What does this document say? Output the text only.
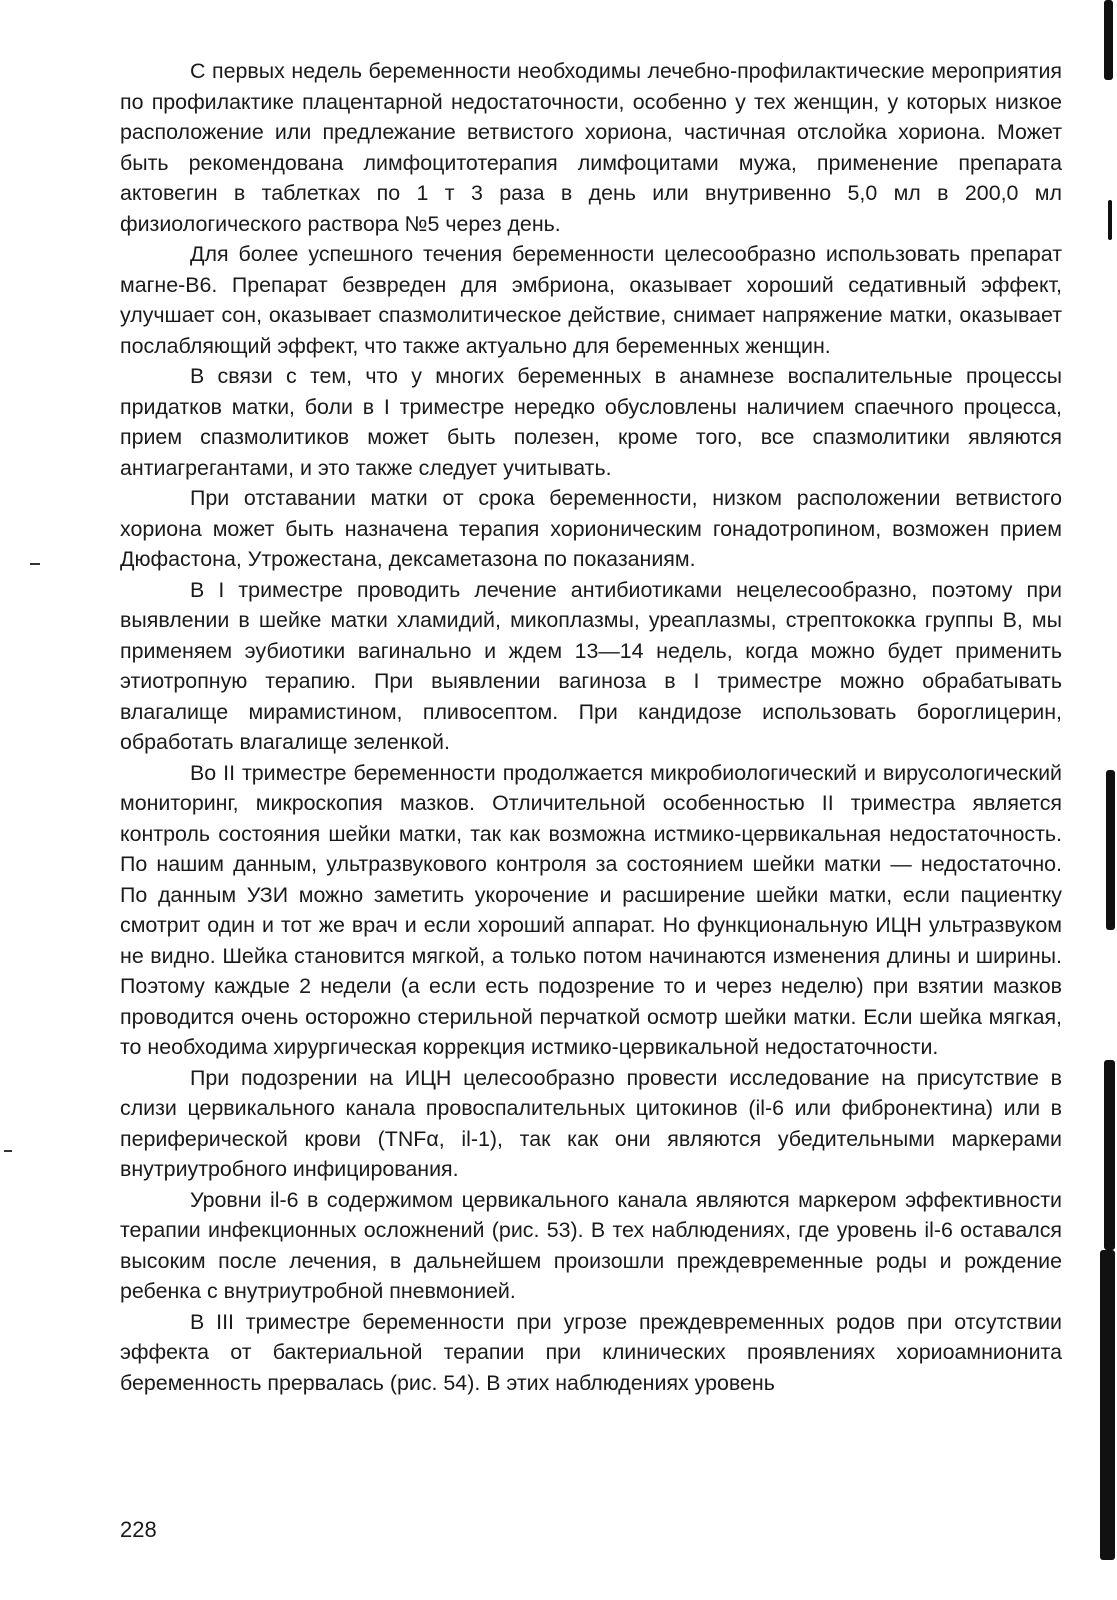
С первых недель беременности необходимы лечебно-профилактические мероприятия по профилактике плацентарной недостаточности, особенно у тех женщин, у которых низкое расположение или предлежание ветвистого хориона, частичная отслойка хориона. Может быть рекомендована лимфоцитотерапия лимфоцитами мужа, применение препарата актовегин в таблетках по 1 т 3 раза в день или внутривенно 5,0 мл в 200,0 мл физиологического раствора №5 через день.

Для более успешного течения беременности целесообразно использовать препарат магне-В6. Препарат безвреден для эмбриона, оказывает хороший седативный эффект, улучшает сон, оказывает спазмолитическое действие, снимает напряжение матки, оказывает послабляющий эффект, что также актуально для беременных женщин.

В связи с тем, что у многих беременных в анамнезе воспалительные процессы придатков матки, боли в I триместре нередко обусловлены наличием спаечного процесса, прием спазмолитиков может быть полезен, кроме того, все спазмолитики являются антиагрегантами, и это также следует учитывать.

При отставании матки от срока беременности, низком расположении ветвистого хориона может быть назначена терапия хорионическим гонадотропином, возможен прием Дюфастона, Утрожестана, дексаметазона по показаниям.

В I триместре проводить лечение антибиотиками нецелесообразно, поэтому при выявлении в шейке матки хламидий, микоплазмы, уреаплазмы, стрептококка группы В, мы применяем эубиотики вагинально и ждем 13—14 недель, когда можно будет применить этиотропную терапию. При выявлении вагиноза в I триместре можно обрабатывать влагалище мирамистином, пливосептом. При кандидозе использовать бороглицерин, обработать влагалище зеленкой.

Во II триместре беременности продолжается микробиологический и вирусологический мониторинг, микроскопия мазков. Отличительной особенностью II триместра является контроль состояния шейки матки, так как возможна истмико-цервикальная недостаточность. По нашим данным, ультразвукового контроля за состоянием шейки матки — недостаточно. По данным УЗИ можно заметить укорочение и расширение шейки матки, если пациентку смотрит один и тот же врач и если хороший аппарат. Но функциональную ИЦН ультразвуком не видно. Шейка становится мягкой, а только потом начинаются изменения длины и ширины. Поэтому каждые 2 недели (а если есть подозрение то и через неделю) при взятии мазков проводится очень осторожно стерильной перчаткой осмотр шейки матки. Если шейка мягкая, то необходима хирургическая коррекция истмико-цервикальной недостаточности.

При подозрении на ИЦН целесообразно провести исследование на присутствие в слизи цервикального канала провоспалительных цитокинов (il-6 или фибронектина) или в периферической крови (TNFα, il-1), так как они являются убедительными маркерами внутриутробного инфицирования.

Уровни il-6 в содержимом цервикального канала являются маркером эффективности терапии инфекционных осложнений (рис. 53). В тех наблюдениях, где уровень il-6 оставался высоким после лечения, в дальнейшем произошли преждевременные роды и рождение ребенка с внутриутробной пневмонией.

В III триместре беременности при угрозе преждевременных родов при отсутствии эффекта от бактериальной терапии при клинических проявлениях хориоамнионита беременность прервалась (рис. 54). В этих наблюдениях уровень

228
